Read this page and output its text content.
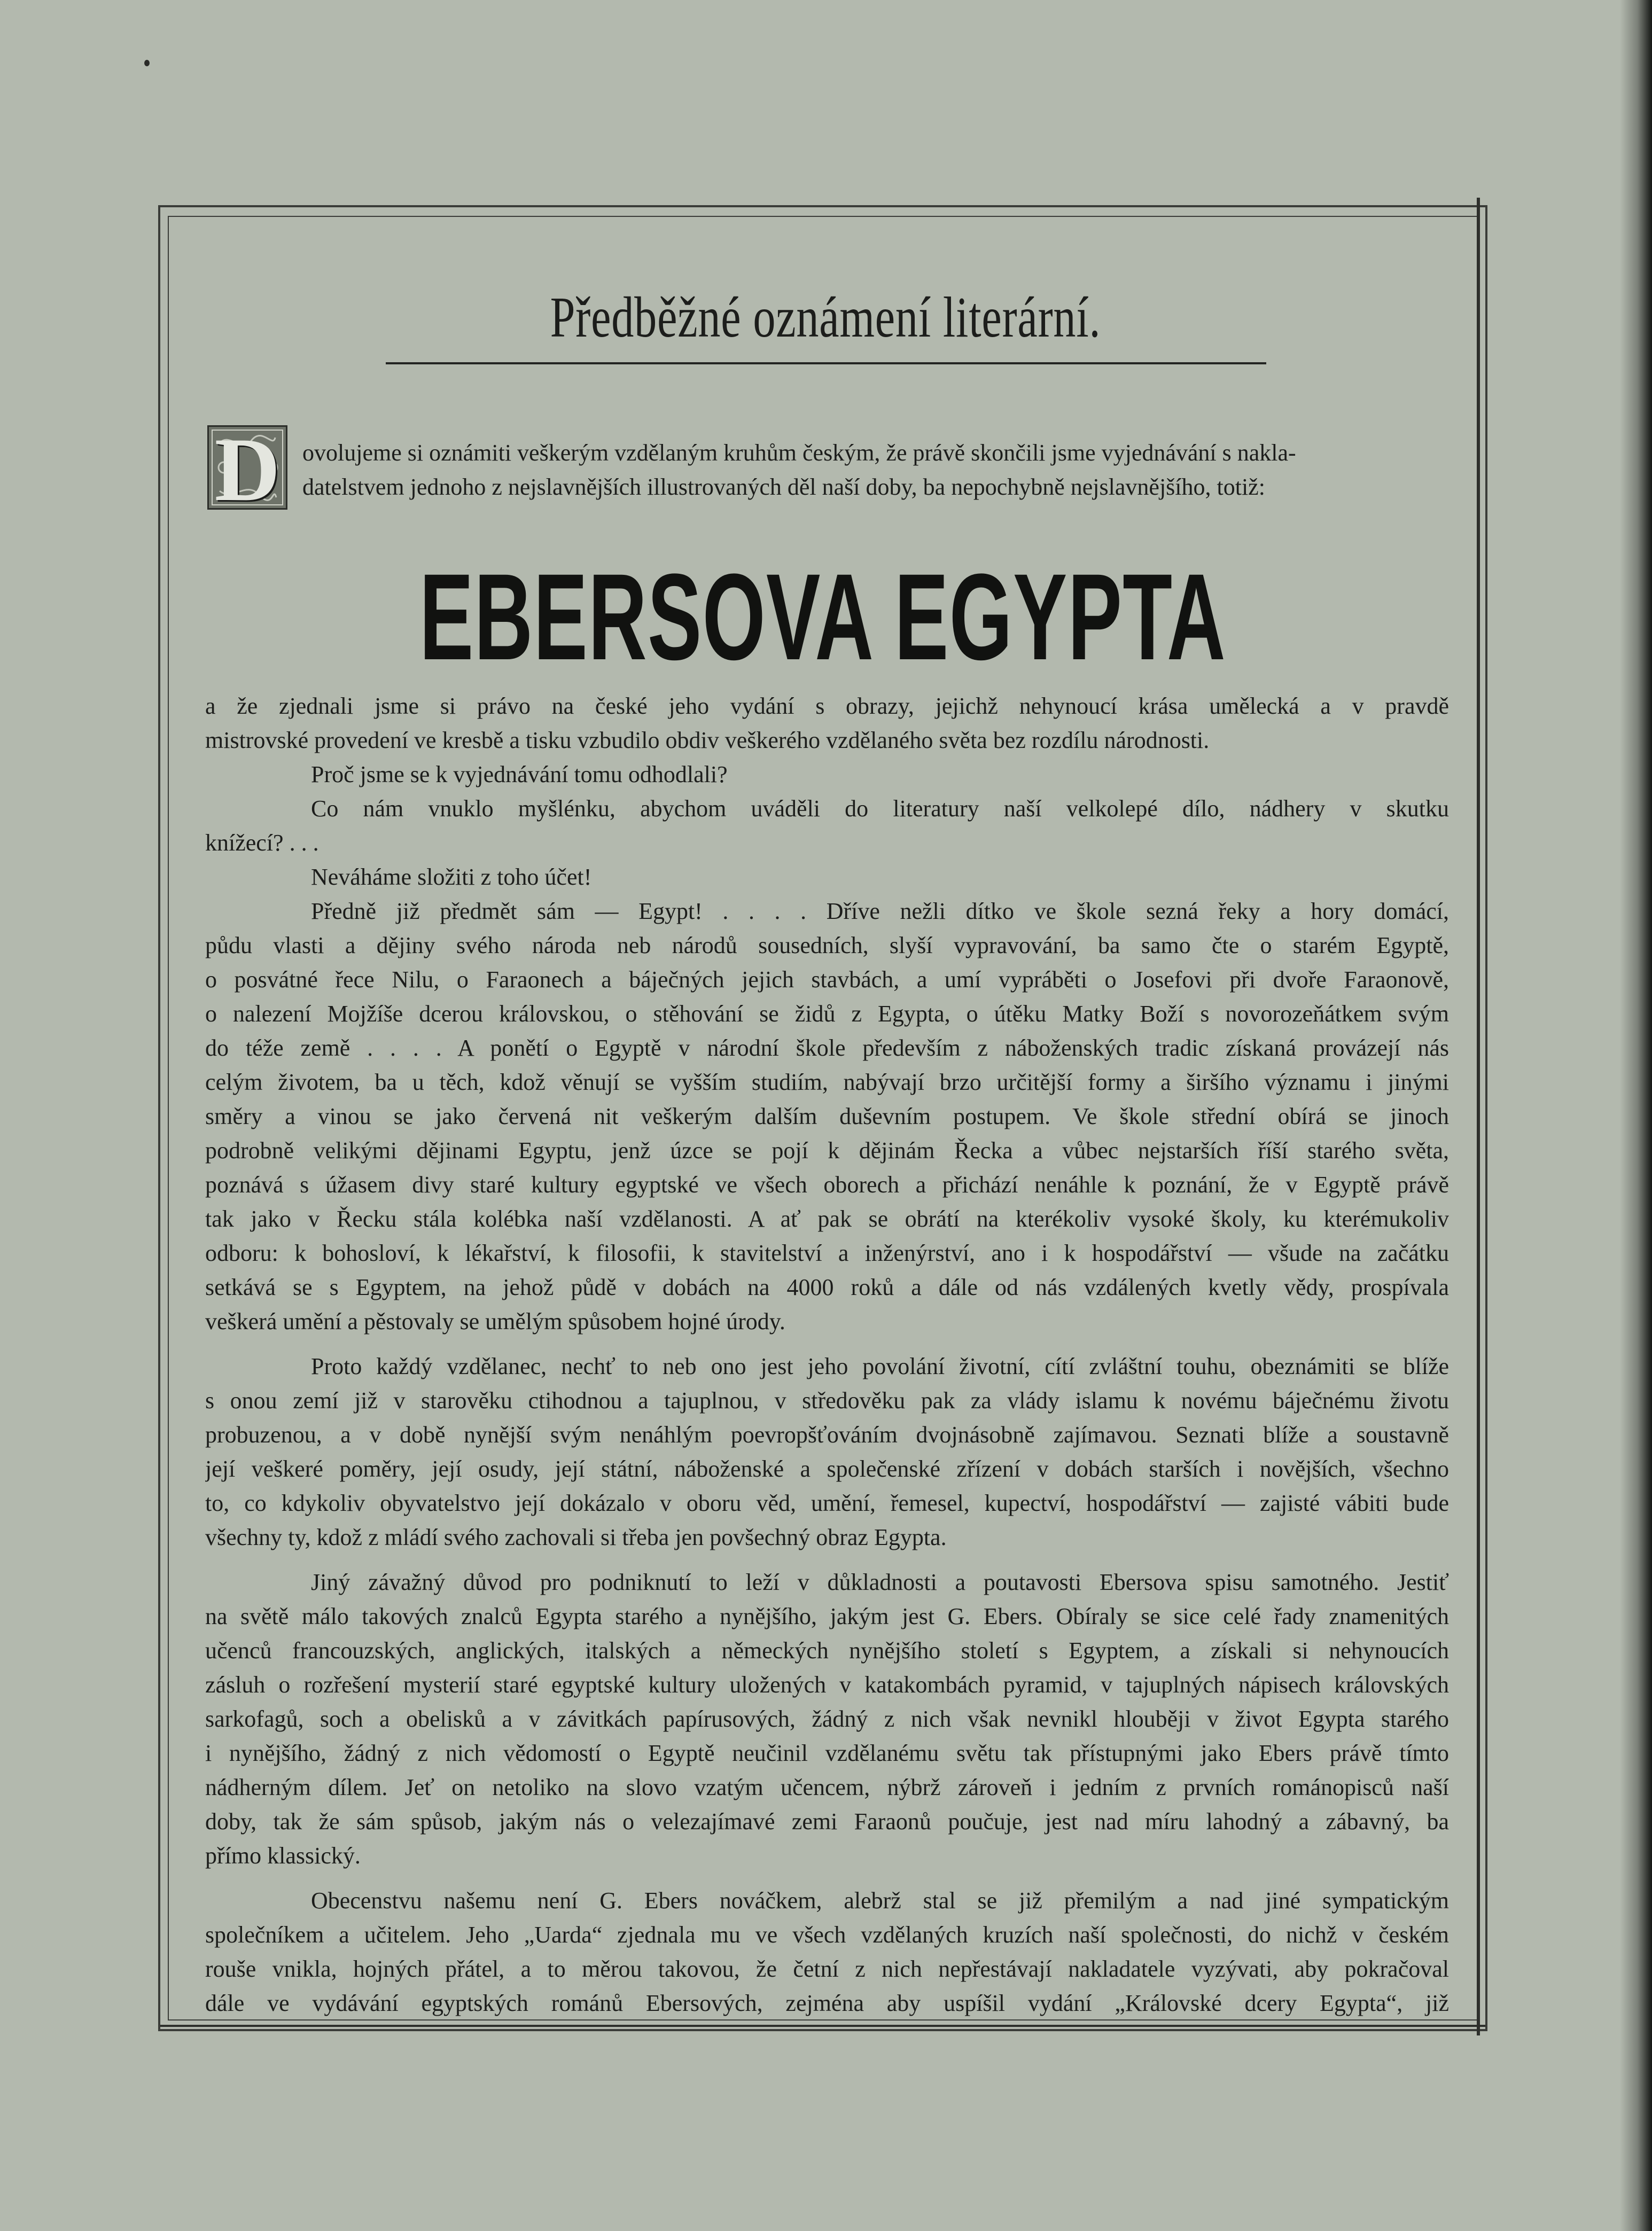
Předběžné oznámení literární.
D ovolujeme si oznámiti veškerým vzdělaným kruhům českým, že právě skončili jsme vyjednávání s nakla-
datelstvem jednoho z nejslavnějších illustrovaných děl naší doby, ba nepochybně nejslavnějšího, totiž:
EBERSOVA EGYPTA
a že zjednali jsme si právo na české jeho vydání s obrazy, jejichž nehynoucí krása umělecká a v pravdě
mistrovské provedení ve kresbě a tisku vzbudilo obdiv veškerého vzdělaného světa bez rozdílu národnosti.
Proč jsme se k vyjednávání tomu odhodlali?
Co nám vnuklo myšlénku, abychom uváděli do literatury naší velkolepé dílo, nádhery v skutku
knížecí? . . .
Neváháme složiti z toho účet!
Předně již předmět sám — Egypt! . . . . Dříve nežli dítko ve škole sezná řeky a hory domácí,
půdu vlasti a dějiny svého národa neb národů sousedních, slyší vypravování, ba samo čte o starém Egyptě,
o posvátné řece Nilu, o Faraonech a báječných jejich stavbách, a umí vypráběti o Josefovi při dvoře Faraonově,
o nalezení Mojžíše dcerou královskou, o stěhování se židů z Egypta, o útěku Matky Boží s novorozeňátkem svým
do téže země . . . . A ponětí o Egyptě v národní škole především z náboženských tradic získaná provázejí nás
celým životem, ba u těch, kdož věnují se vyšším studiím, nabývají brzo určitější formy a širšího významu i jinými
směry a vinou se jako červená nit veškerým dalším duševním postupem. Ve škole střední obírá se jinoch
podrobně velikými dějinami Egyptu, jenž úzce se pojí k dějinám Řecka a vůbec nejstarších říší starého světa,
poznává s úžasem divy staré kultury egyptské ve všech oborech a přichází nenáhle k poznání, že v Egyptě právě
tak jako v Řecku stála kolébka naší vzdělanosti. A ať pak se obrátí na kterékoliv vysoké školy, ku kterémukoliv
odboru: k bohosloví, k lékařství, k filosofii, k stavitelství a inženýrství, ano i k hospodářství — všude na začátku
setkává se s Egyptem, na jehož půdě v dobách na 4000 roků a dále od nás vzdálených kvetly vědy, prospívala
veškerá umění a pěstovaly se umělým spůsobem hojné úrody.
Proto každý vzdělanec, nechť to neb ono jest jeho povolání životní, cítí zvláštní touhu, obeznámiti se blíže
s onou zemí již v starověku ctihodnou a tajuplnou, v středověku pak za vlády islamu k novému báječnému životu
probuzenou, a v době nynější svým nenáhlým poevropšťováním dvojnásobně zajímavou. Seznati blíže a soustavně
její veškeré poměry, její osudy, její státní, náboženské a společenské zřízení v dobách starších i novějších, všechno
to, co kdykoliv obyvatelstvo její dokázalo v oboru věd, umění, řemesel, kupectví, hospodářství — zajisté vábiti bude
všechny ty, kdož z mládí svého zachovali si třeba jen povšechný obraz Egypta.
Jiný závažný důvod pro podniknutí to leží v důkladnosti a poutavosti Ebersova spisu samotného. Jestiť
na světě málo takových znalců Egypta starého a nynějšího, jakým jest G. Ebers. Obíraly se sice celé řady znamenitých
učenců francouzských, anglických, italských a německých nynějšího století s Egyptem, a získali si nehynoucích
zásluh o rozřešení mysterií staré egyptské kultury uložených v katakombách pyramid, v tajuplných nápisech královských
sarkofagů, soch a obelisků a v závitkách papírusových, žádný z nich však nevnikl hlouběji v život Egypta starého
i nynějšího, žádný z nich vědomostí o Egyptě neučinil vzdělanému světu tak přístupnými jako Ebers právě tímto
nádherným dílem. Jeť on netoliko na slovo vzatým učencem, nýbrž zároveň i jedním z prvních románopisců naší
doby, tak že sám spůsob, jakým nás o velezajímavé zemi Faraonů poučuje, jest nad míru lahodný a zábavný, ba
přímo klassický.
Obecenstvu našemu není G. Ebers nováčkem, alebrž stal se již přemilým a nad jiné sympatickým
společníkem a učitelem. Jeho „Uarda“ zjednala mu ve všech vzdělaných kruzích naší společnosti, do nichž v českém
rouše vnikla, hojných přátel, a to měrou takovou, že četní z nich nepřestávají nakladatele vyzývati, aby pokračoval
dále ve vydávání egyptských románů Ebersových, zejména aby uspíšil vydání „Královské dcery Egypta“, již
